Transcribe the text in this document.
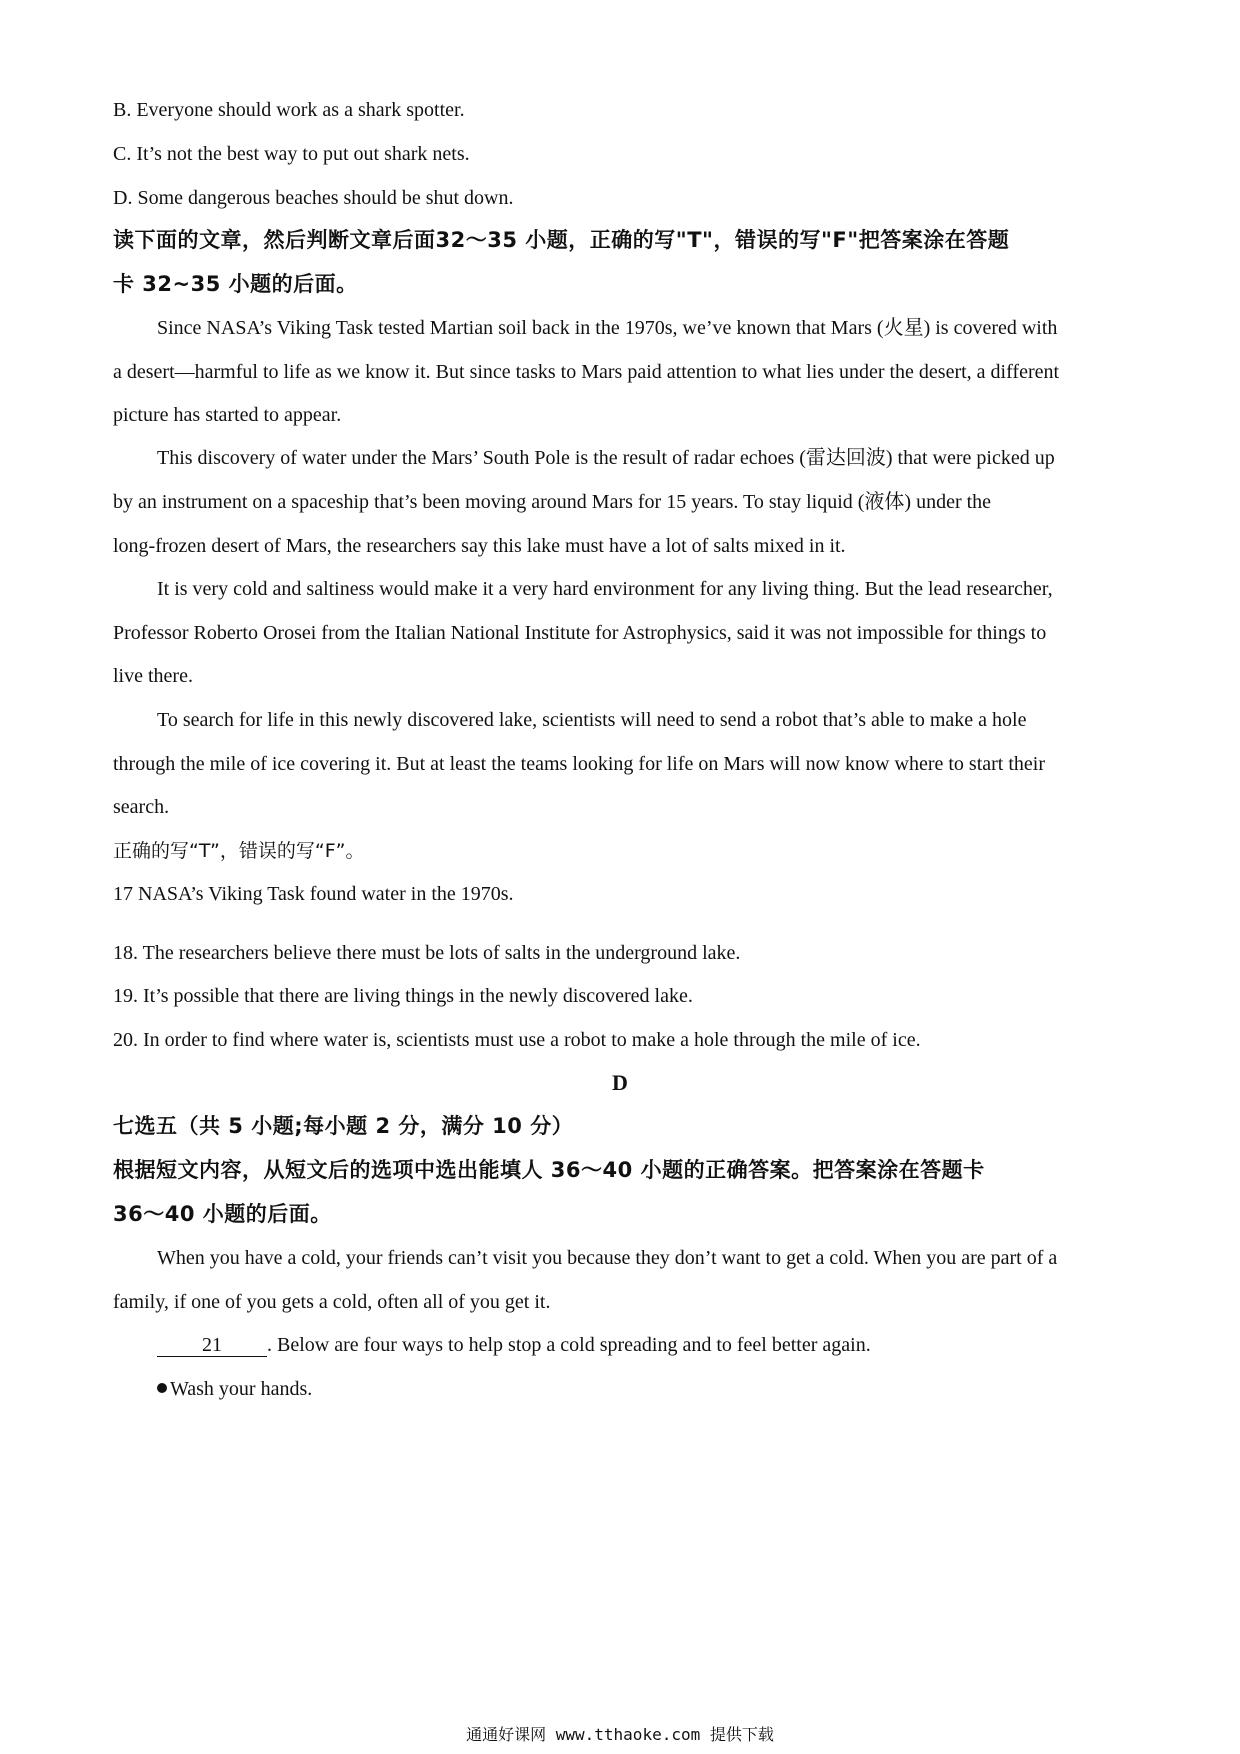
B. Everyone should work as a shark spotter.
C. It’s not the best way to put out shark nets.
D. Some dangerous beaches should be shut down.
读下面的文章，然后判断文章后面32～35 小题，正确的写"T"，错误的写"F"把答案涂在答题
卡 32~35 小题的后面。
Since NASA’s Viking Task tested Martian soil back in the 1970s, we’ve known that Mars (火星) is covered with
a desert—harmful to life as we know it. But since tasks to Mars paid attention to what lies under the desert, a different
picture has started to appear.
This discovery of water under the Mars’ South Pole is the result of radar echoes (雷达回波) that were picked up
by an instrument on a spaceship that’s been moving around Mars for 15 years. To stay liquid (液体) under the
long-frozen desert of Mars, the researchers say this lake must have a lot of salts mixed in it.
It is very cold and saltiness would make it a very hard environment for any living thing. But the lead researcher,
Professor Roberto Orosei from the Italian National Institute for Astrophysics, said it was not impossible for things to
live there.
To search for life in this newly discovered lake, scientists will need to send a robot that’s able to make a hole
through the mile of ice covering it. But at least the teams looking for life on Mars will now know where to start their
search.
正确的写“T”，错误的写“F”。
17 NASA’s Viking Task found water in the 1970s.
18. The researchers believe there must be lots of salts in the underground lake.
19. It’s possible that there are living things in the newly discovered lake.
20. In order to find where water is, scientists must use a robot to make a hole through the mile of ice.
D
七选五（共 5 小题;每小题 2 分，满分 10 分）
根据短文内容，从短文后的选项中选出能填人 36～40 小题的正确答案。把答案涂在答题卡
36～40 小题的后面。
When you have a cold, your friends can’t visit you because they don’t want to get a cold. When you are part of a
family, if one of you gets a cold, often all of you get it.
21 . Below are four ways to help stop a cold spreading and to feel better again.
Wash your hands.
通通好课网 www.tthaoke.com 提供下载
